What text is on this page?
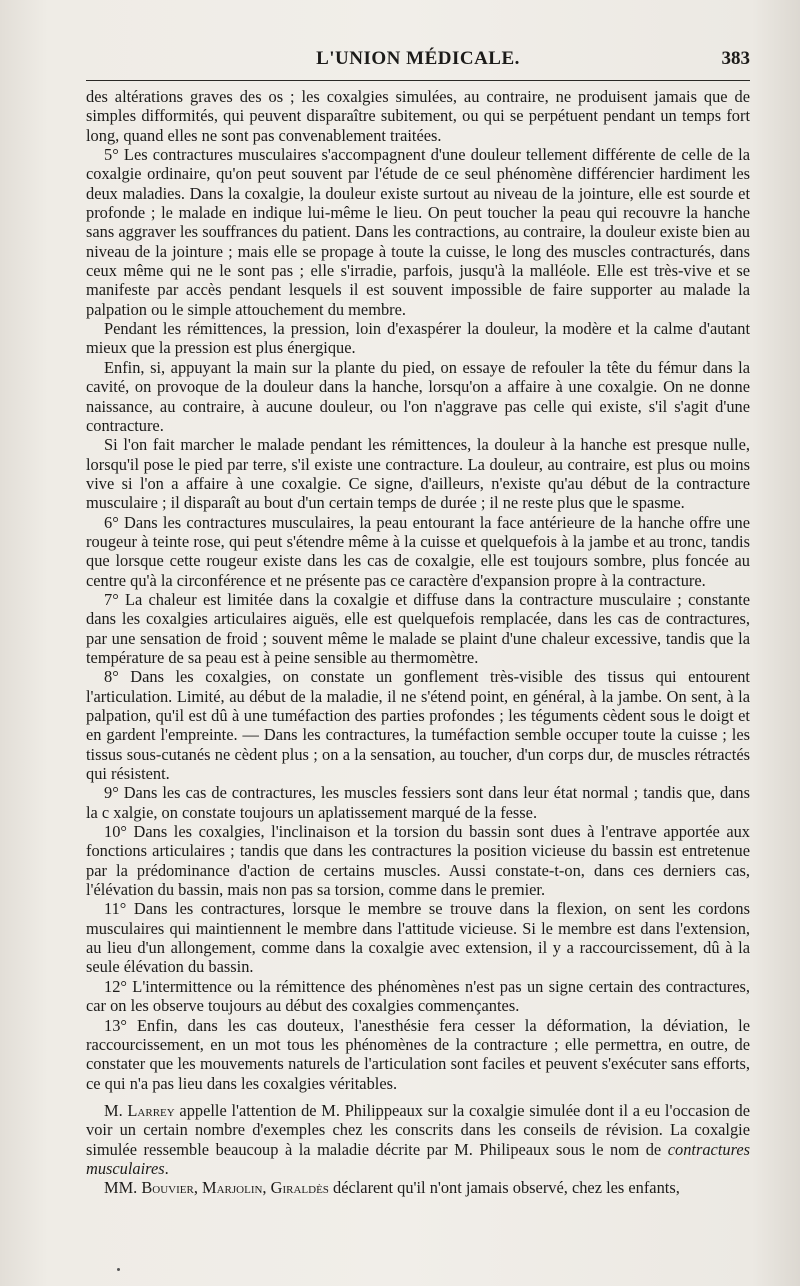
L'UNION MÉDICALE.	383

des altérations graves des os ; les coxalgies simulées, au contraire, ne produisent jamais que de simples difformités, qui peuvent disparaître subitement, ou qui se perpétuent pendant un temps fort long, quand elles ne sont pas convenablement traitées.

5° Les contractures musculaires s'accompagnent d'une douleur tellement différente de celle de la coxalgie ordinaire, qu'on peut souvent par l'étude de ce seul phénomène différencier hardiment les deux maladies. Dans la coxalgie, la douleur existe surtout au niveau de la jointure, elle est sourde et profonde ; le malade en indique lui-même le lieu. On peut toucher la peau qui recouvre la hanche sans aggraver les souffrances du patient. Dans les contractions, au contraire, la douleur existe bien au niveau de la jointure ; mais elle se propage à toute la cuisse, le long des muscles contracturés, dans ceux même qui ne le sont pas ; elle s'irradie, parfois, jusqu'à la malléole. Elle est très-vive et se manifeste par accès pendant lesquels il est souvent impossible de faire supporter au malade la palpation ou le simple attouchement du membre.

Pendant les rémittences, la pression, loin d'exaspérer la douleur, la modère et la calme d'autant mieux que la pression est plus énergique.

Enfin, si, appuyant la main sur la plante du pied, on essaye de refouler la tête du fémur dans la cavité, on provoque de la douleur dans la hanche, lorsqu'on a affaire à une coxalgie. On ne donne naissance, au contraire, à aucune douleur, ou l'on n'aggrave pas celle qui existe, s'il s'agit d'une contracture.

Si l'on fait marcher le malade pendant les rémittences, la douleur à la hanche est presque nulle, lorsqu'il pose le pied par terre, s'il existe une contracture. La douleur, au contraire, est plus ou moins vive si l'on a affaire à une coxalgie. Ce signe, d'ailleurs, n'existe qu'au début de la contracture musculaire ; il disparaît au bout d'un certain temps de durée ; il ne reste plus que le spasme.

6° Dans les contractures musculaires, la peau entourant la face antérieure de la hanche offre une rougeur à teinte rose, qui peut s'étendre même à la cuisse et quelquefois à la jambe et au tronc, tandis que lorsque cette rougeur existe dans les cas de coxalgie, elle est toujours sombre, plus foncée au centre qu'à la circonférence et ne présente pas ce caractère d'expansion propre à la contracture.

7° La chaleur est limitée dans la coxalgie et diffuse dans la contracture musculaire ; constante dans les coxalgies articulaires aiguës, elle est quelquefois remplacée, dans les cas de contractures, par une sensation de froid ; souvent même le malade se plaint d'une chaleur excessive, tandis que la température de sa peau est à peine sensible au thermomètre.

8° Dans les coxalgies, on constate un gonflement très-visible des tissus qui entourent l'articulation. Limité, au début de la maladie, il ne s'étend point, en général, à la jambe. On sent, à la palpation, qu'il est dû à une tuméfaction des parties profondes ; les téguments cèdent sous le doigt et en gardent l'empreinte. — Dans les contractures, la tuméfaction semble occuper toute la cuisse ; les tissus sous-cutanés ne cèdent plus ; on a la sensation, au toucher, d'un corps dur, de muscles rétractés qui résistent.

9° Dans les cas de contractures, les muscles fessiers sont dans leur état normal ; tandis que, dans la c xalgie, on constate toujours un aplatissement marqué de la fesse.

10° Dans les coxalgies, l'inclinaison et la torsion du bassin sont dues à l'entrave apportée aux fonctions articulaires ; tandis que dans les contractures la position vicieuse du bassin est entretenue par la prédominance d'action de certains muscles. Aussi constate-t-on, dans ces derniers cas, l'élévation du bassin, mais non pas sa torsion, comme dans le premier.

11° Dans les contractures, lorsque le membre se trouve dans la flexion, on sent les cordons musculaires qui maintiennent le membre dans l'attitude vicieuse. Si le membre est dans l'extension, au lieu d'un allongement, comme dans la coxalgie avec extension, il y a raccourcissement, dû à la seule élévation du bassin.

12° L'intermittence ou la rémittence des phénomènes n'est pas un signe certain des contractures, car on les observe toujours au début des coxalgies commençantes.

13° Enfin, dans les cas douteux, l'anesthésie fera cesser la déformation, la déviation, le raccourcissement, en un mot tous les phénomènes de la contracture ; elle permettra, en outre, de constater que les mouvements naturels de l'articulation sont faciles et peuvent s'exécuter sans efforts, ce qui n'a pas lieu dans les coxalgies véritables.

M. Larrey appelle l'attention de M. Philippeaux sur la coxalgie simulée dont il a eu l'occasion de voir un certain nombre d'exemples chez les conscrits dans les conseils de révision. La coxalgie simulée ressemble beaucoup à la maladie décrite par M. Philipeaux sous le nom de contractures musculaires.

MM. Bouvier, Marjolin, Giraldès déclarent qu'il n'ont jamais observé, chez les enfants,
